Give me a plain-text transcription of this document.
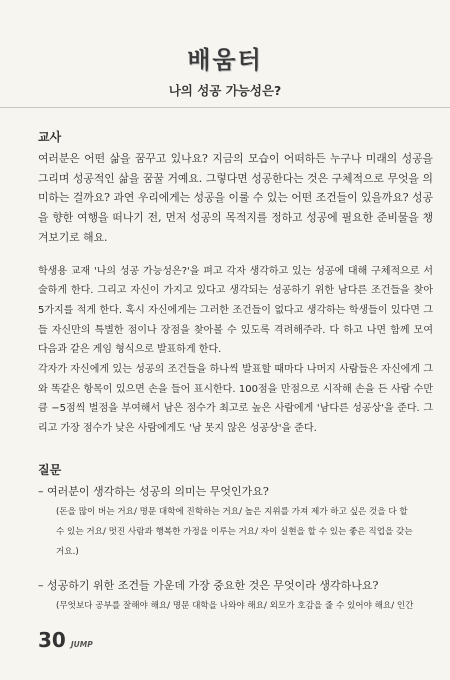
배움터
나의 성공 가능성은?

교사

여러분은 어떤 삶을 꿈꾸고 있나요? 지금의 모습이 어떠하든 누구나 미래의 성공을 그리며 성공적인 삶을 꿈꿀 거예요. 그렇다면 성공한다는 것은 구체적으로 무엇을 의미하는 걸까요? 과연 우리에게는 성공을 이룰 수 있는 어떤 조건들이 있을까요? 성공을 향한 여행을 떠나기 전, 먼저 성공의 목적지를 정하고 성공에 필요한 준비물을 챙겨보기로 해요.

학생용 교재 '나의 성공 가능성은?'을 펴고 각자 생각하고 있는 성공에 대해 구체적으로 서술하게 한다. 그리고 자신이 가지고 있다고 생각되는 성공하기 위한 남다른 조건들을 찾아 5가지를 적게 한다. 혹시 자신에게는 그러한 조건들이 없다고 생각하는 학생들이 있다면 그들 자신만의 특별한 점이나 장점을 찾아볼 수 있도록 격려해주라. 다 하고 나면 함께 모여 다음과 같은 게임 형식으로 발표하게 한다.

각자가 자신에게 있는 성공의 조건들을 하나씩 발표할 때마다 나머지 사람들은 자신에게 그와 똑같은 항목이 있으면 손을 들어 표시한다. 100점을 만점으로 시작해 손을 든 사람 수만큼 −5점씩 벌점을 부여해서 남은 점수가 최고로 높은 사람에게 '남다른 성공상'을 준다. 그리고 가장 점수가 낮은 사람에게도 '남 못지 않은 성공상'을 준다.

질문

– 여러분이 생각하는 성공의 의미는 무엇인가요?

(돈을 많이 버는 거요/ 명문 대학에 진학하는 거요/ 높은 지위를 가져 제가 하고 싶은 것을 다 할

수 있는 거요/ 멋진 사람과 행복한 가정을 이루는 거요/ 자이 실현을 할 수 있는 좋은 직업을 갖는

거요.)

– 성공하기 위한 조건들 가운데 가장 중요한 것은 무엇이라 생각하나요?

(무엇보다 공부를 잘해야 해요/ 명문 대학을 나와야 해요/ 외모가 호감을 줄 수 있어야 해요/ 인간

30 JUMP
